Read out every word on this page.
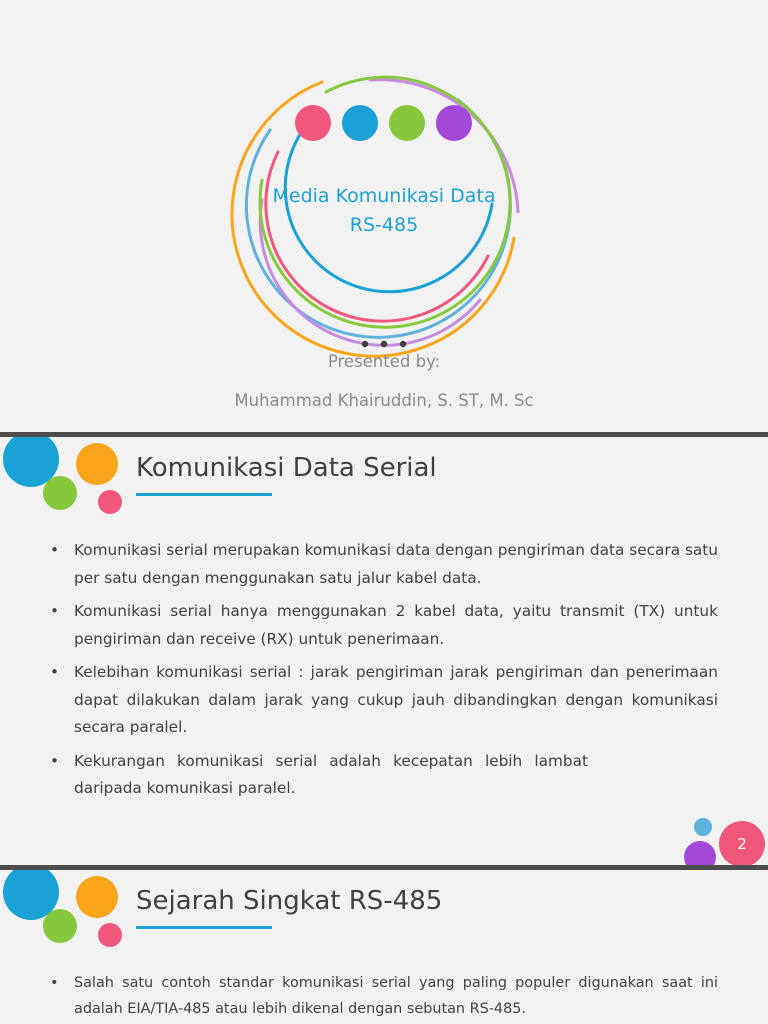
Media Komunikasi Data
RS-485
Presented by:
Muhammad Khairuddin, S. ST, M. Sc
Komunikasi Data Serial
• Komunikasi serial merupakan komunikasi data dengan pengiriman data secara satu per satu dengan menggunakan satu jalur kabel data.
• Komunikasi serial hanya menggunakan 2 kabel data, yaitu transmit (TX) untuk pengiriman dan receive (RX) untuk penerimaan.
• Kelebihan komunikasi serial : jarak pengiriman jarak pengiriman dan penerimaan dapat dilakukan dalam jarak yang cukup jauh dibandingkan dengan komunikasi secara paralel.
• Kekurangan komunikasi serial adalah kecepatan lebih lambat daripada komunikasi paralel.
2
Sejarah Singkat RS-485
• Salah satu contoh standar komunikasi serial yang paling populer digunakan saat ini adalah EIA/TIA-485 atau lebih dikenal dengan sebutan RS-485.
